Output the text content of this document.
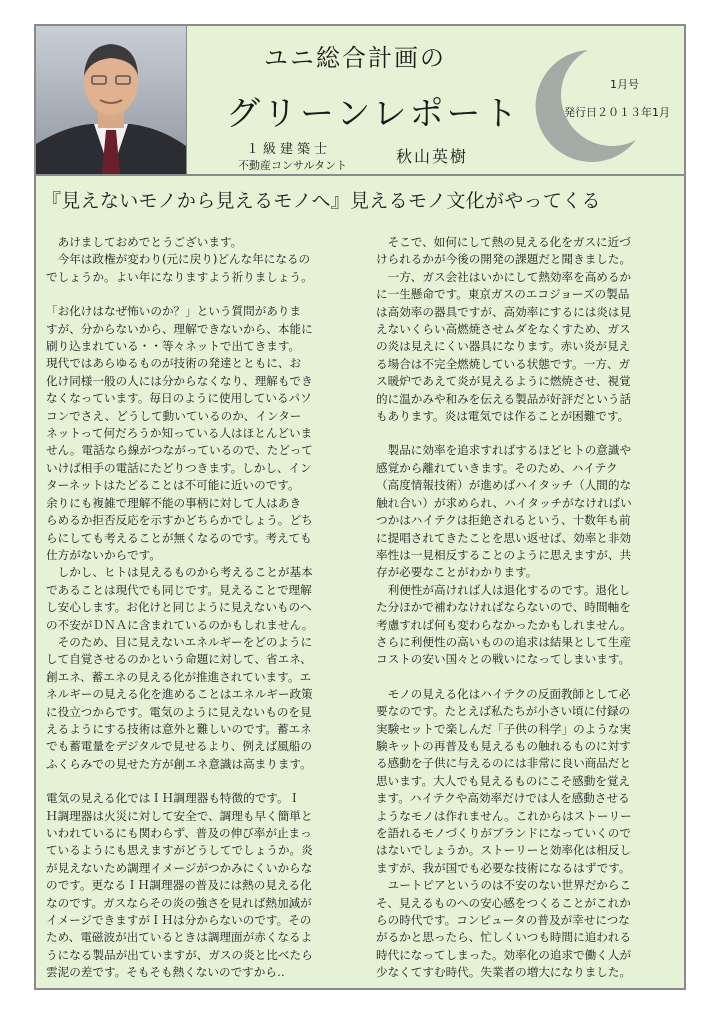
ユニ総合計画の
グリーンレポート
１級建築士
不動産コンサルタント	秋山英樹
1月号
発行日２０１３年1月
『見えないモノから見えるモノへ』見えるモノ文化がやってくる

　あけましておめでとうございます。
　今年は政権が変わり(元に戻り)どんな年になるの
でしょうか。よい年になりますよう祈りましょう。

「お化けはなぜ怖いのか？」という質問がありま
すが、分からないから、理解できないから、本能に
刷り込まれている・・等々ネットで出てきます。
現代ではあらゆるものが技術の発達とともに、お
化け同様一般の人には分からなくなり、理解もでき
なくなっています。毎日のように使用しているパソ
コンでさえ、どうして動いているのか、インター
ネットって何だろうか知っている人はほとんどいま
せん。電話なら線がつながっているので、たどって
いけば相手の電話にたどりつきます。しかし、イン
ターネットはたどることは不可能に近いのです。
余りにも複雑で理解不能の事柄に対して人はあき
らめるか拒否反応を示すかどちらかでしょう。どち
らにしても考えることが無くなるのです。考えても
仕方がないからです。
　しかし、ヒトは見えるものから考えることが基本
であることは現代でも同じです。見えることで理解
し安心します。お化けと同じように見えないものへ
の不安がＤＮＡに含まれているのかもしれません。
　そのため、目に見えないエネルギーをどのように
して自覚させるのかという命題に対して、省エネ、
創エネ、蓄エネの見える化が推進されています。エ
ネルギーの見える化を進めることはエネルギー政策
に役立つからです。電気のように見えないものを見
えるようにする技術は意外と難しいのです。蓄エネ
でも蓄電量をデジタルで見せるより、例えば風船の
ふくらみでの見せた方が創エネ意識は高まります。

電気の見える化ではＩＨ調理器も特徴的です。Ｉ
Ｈ調理器は火災に対して安全で、調理も早く簡単と
いわれているにも関わらず、普及の伸び率が止まっ
ているようにも思えますがどうしてでしょうか。炎
が見えないため調理イメージがつかみにくいからな
のです。更なるＩＨ調理器の普及には熱の見える化
なのです。ガスならその炎の強さを見れば熱加減が
イメージできますがＩＨは分からないのです。その
ため、電磁波が出ているときは調理面が赤くなるよ
うになる製品が出ていますが、ガスの炎と比べたら
雲泥の差です。そもそも熱くないのですから‥

　そこで、如何にして熱の見える化をガスに近づ
けられるかが今後の開発の課題だと聞きました。
　一方、ガス会社はいかにして熱効率を高めるか
に一生懸命です。東京ガスのエコジョーズの製品
は高効率の器具ですが、高効率にするには炎は見
えないくらい高燃焼させムダをなくすため、ガス
の炎は見えにくい器具になります。赤い炎が見え
る場合は不完全燃焼している状態です。一方、ガ
ス暖炉であえて炎が見えるように燃焼させ、視覚
的に温かみや和みを伝える製品が好評だという話
もあります。炎は電気では作ることが困難です。

　製品に効率を追求すればするほどヒトの意識や
感覚から離れていきます。そのため、ハイテク
（高度情報技術）が進めばハイタッチ（人間的な
触れ合い）が求められ、ハイタッチがなければい
つかはハイテクは拒絶されるという、十数年も前
に提唱されてきたことを思い返せば、効率と非効
率性は一見相反することのように思えますが、共
存が必要なことがわかります。
　利便性が高ければ人は退化するのです。退化し
た分ほかで補わなければならないので、時間軸を
考慮すれば何も変わらなかったかもしれません。
さらに利便性の高いものの追求は結果として生産
コストの安い国々との戦いになってしまいます。

　モノの見える化はハイテクの反面教師として必
要なのです。たとえば私たちが小さい頃に付録の
実験セットで楽しんだ「子供の科学」のような実
験キットの再普及も見えるもの触れるものに対す
る感動を子供に与えるのには非常に良い商品だと
思います。大人でも見えるものにこそ感動を覚え
ます。ハイテクや高効率だけでは人を感動させる
ようなモノは作れません。これからはストーリー
を語れるモノづくりがブランドになっていくので
はないでしょうか。ストーリーと効率化は相反し
ますが、我が国でも必要な技術になるはずです。
　ユートピアというのは不安のない世界だからこ
そ、見えるものへの安心感をつくることがこれか
らの時代です。コンピュータの普及が幸せにつな
がるかと思ったら、忙しくいつも時間に追われる
時代になってしまった。効率化の追求で働く人が
少なくてすむ時代。失業者の増大になりました。
